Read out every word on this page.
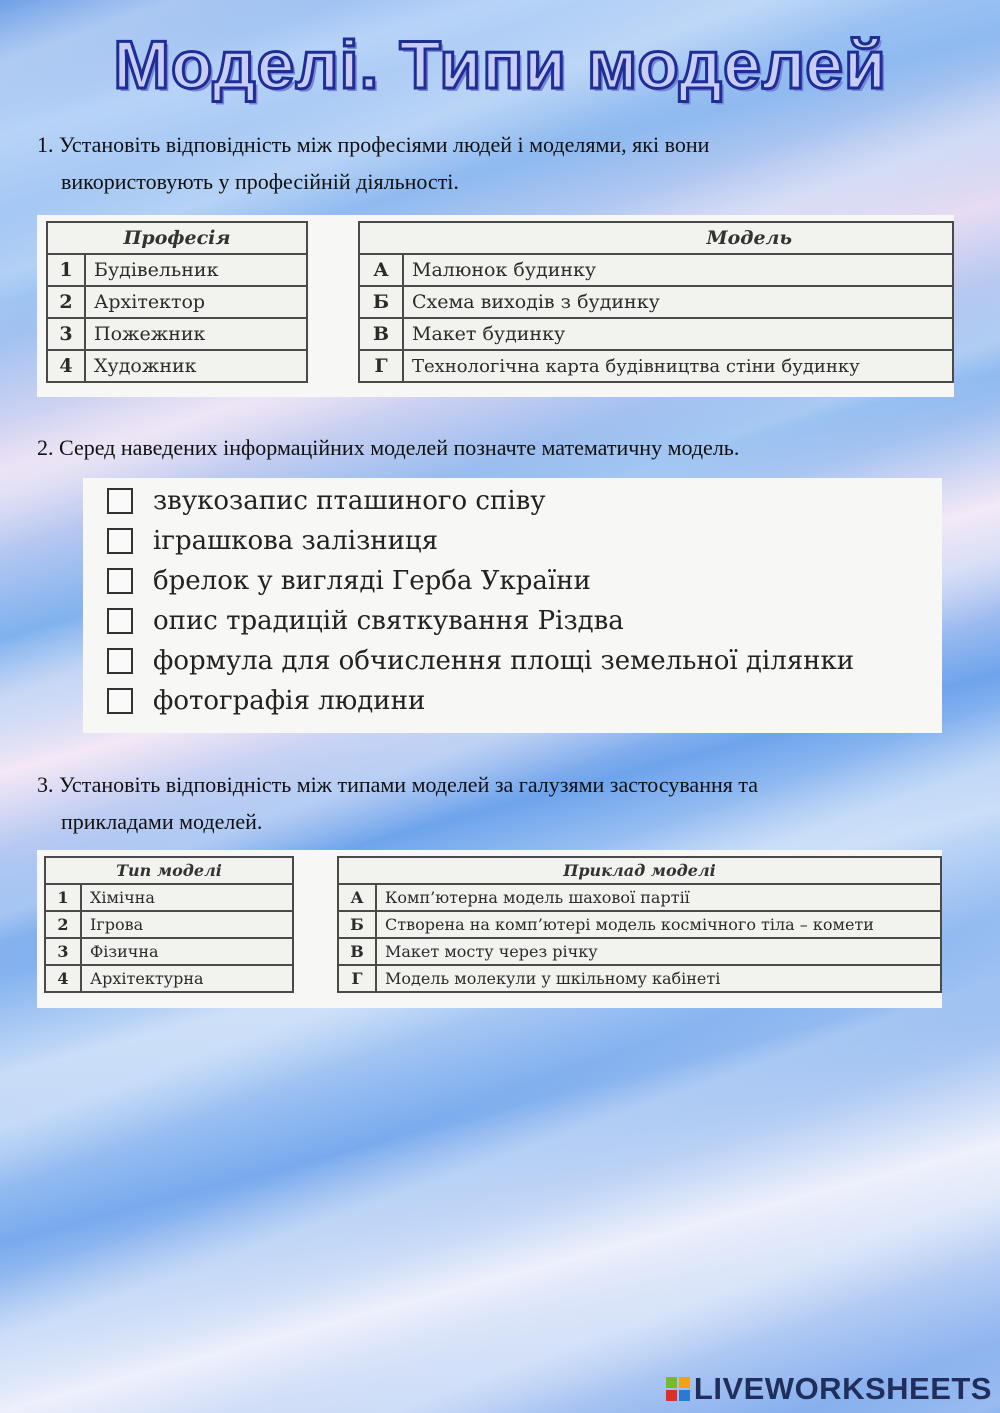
Моделі. Типи моделей
1. Установіть відповідність між професіями людей і моделями, які вони
використовують у професійній діяльності.
Професія	
1	Будівельник
2	Архітектор
3	Пожежник
4	Художник
Модель	
А	Малюнок будинку
Б	Схема виходів з будинку
В	Макет будинку
Г	Технологічна карта будівництва стіни будинку
2. Серед наведених інформаційних моделей позначте математичну модель.
звукозапис пташиного співу
іграшкова залізниця
брелок у вигляді Герба України
опис традицій святкування Різдва
формула для обчислення площі земельної ділянки
фотографія людини
3. Установіть відповідність між типами моделей за галузями застосування та
прикладами моделей.
Тип моделі	
1	Хімічна
2	Ігрова
3	Фізична
4	Архітектурна
Приклад моделі	
А	Комп’ютерна модель шахової партії
Б	Створена на комп’ютері модель космічного тіла – комети
В	Макет мосту через річку
Г	Модель молекули у шкільному кабінеті
LIVEWORKSHEETS
